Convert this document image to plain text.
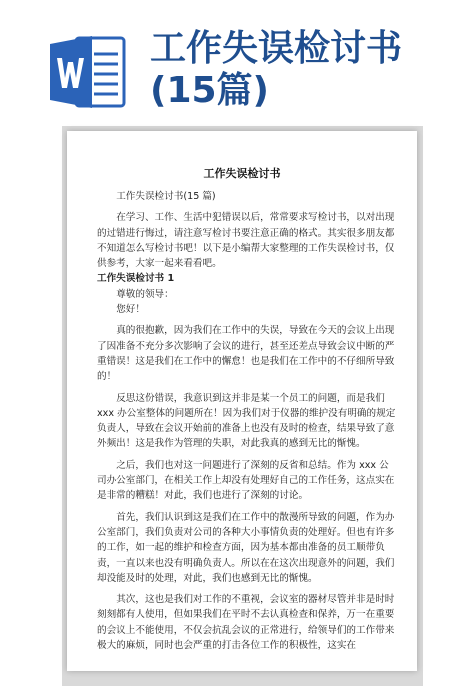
工作失误检讨书(15篇)
工作失误检讨书

工作失误检讨书(15 篇)

在学习、工作、生活中犯错误以后，常常要求写检讨书，以对出现的过错进行悔过，请注意写检讨书要注意正确的格式。其实很多朋友都不知道怎么写检讨书吧！以下是小编帮大家整理的工作失误检讨书，仅供参考，大家一起来看看吧。

工作失误检讨书 1

尊敬的领导：

您好！

真的很抱歉，因为我们在工作中的失误，导致在今天的会议上出现了因准备不充分多次影响了会议的进行，甚至还差点导致会议中断的严重错误！这是我们在工作中的懈怠！也是我们在工作中的不仔细所导致的！

反思这份错误，我意识到这并非是某一个员工的问题，而是我们 xxx 办公室整体的问题所在！因为我们对于仪器的维护没有明确的规定负责人，导致在会议开始前的准备上也没有及时的检查，结果导致了意外频出！这是我作为管理的失职，对此我真的感到无比的惭愧。

之后，我们也对这一问题进行了深刻的反省和总结。作为 xxx 公司办公室部门，在相关工作上却没有处理好自己的工作任务，这点实在是非常的糟糕！对此，我们也进行了深刻的讨论。

首先，我们认识到这是我们在工作中的散漫所导致的问题，作为办公室部门，我们负责对公司的各种大小事情负责的处理好。但也有许多的工作，如一起的维护和检查方面，因为基本都由准备的员工顺带负责，一直以来也没有明确负责人。所以在在这次出现意外的问题，我们却没能及时的处理，对此，我们也感到无比的惭愧。

其次，这也是我们对工作的不重视，会议室的器材尽管并非是时时刻刻都有人使用，但如果我们在平时不去认真检查和保养，万一在重要的会议上不能使用，不仅会抗乱会议的正常进行，给领导们的工作带来极大的麻烦，同时也会严重的打击各位工作的积极性，这实在
